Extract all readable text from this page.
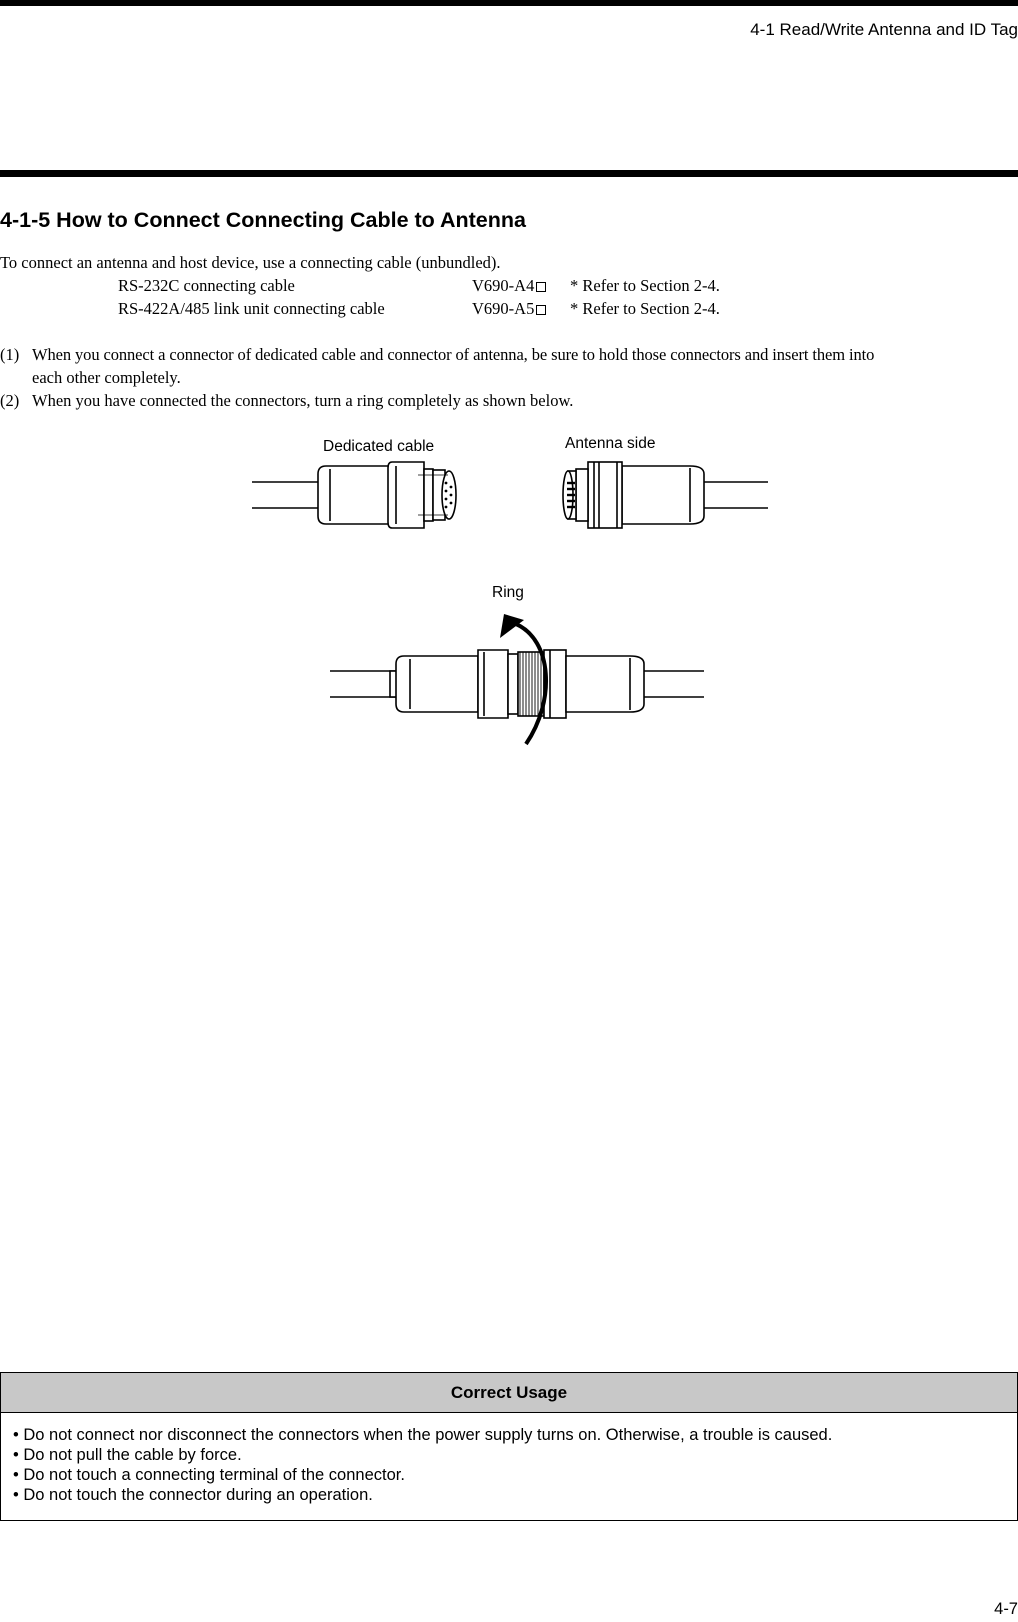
4-1 Read/Write Antenna and ID Tag
4-1-5 How to Connect Connecting Cable to Antenna
To connect an antenna and host device, use a connecting cable (unbundled).
RS-232C connecting cable	V690-A4	* Refer to Section 2-4.
RS-422A/485 link unit connecting cable	V690-A5	* Refer to Section 2-4.
(1) When you connect a connector of dedicated cable and connector of antenna, be sure to hold those connectors and insert them into
each other completely.
(2) When you have connected the connectors, turn a ring completely as shown below.
Dedicated cable	Antenna side
Ring
Correct Usage
• Do not connect nor disconnect the connectors when the power supply turns on. Otherwise, a trouble is caused.
• Do not pull the cable by force.
• Do not touch a connecting terminal of the connector.
• Do not touch the connector during an operation.
4-7
